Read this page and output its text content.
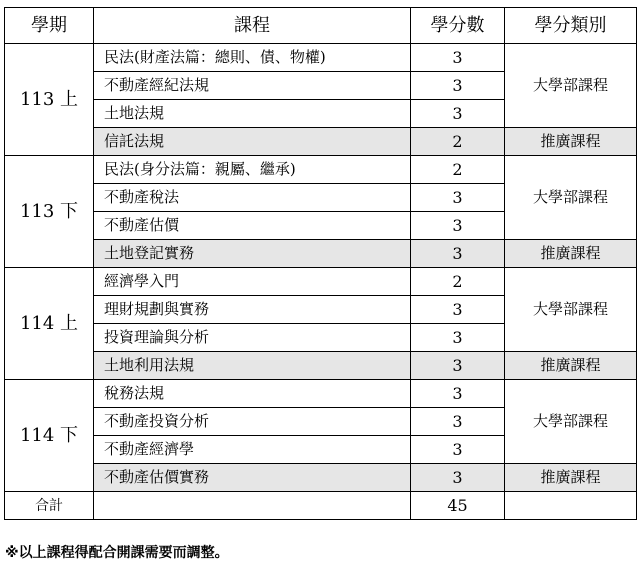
學期	課程	學分數	學分類別
113 上	民法(財產法篇：總則、債、物權)	3	大學部課程
	不動產經紀法規	3	
	土地法規	3	
	信託法規	2	推廣課程
113 下	民法(身分法篇：親屬、繼承)	2	大學部課程
	不動產稅法	3	
	不動產估價	3	
	土地登記實務	3	推廣課程
114 上	經濟學入門	2	大學部課程
	理財規劃與實務	3	
	投資理論與分析	3	
	土地利用法規	3	推廣課程
114 下	稅務法規	3	大學部課程
	不動產投資分析	3	
	不動產經濟學	3	
	不動產估價實務	3	推廣課程
合計		45	
※以上課程得配合開課需要而調整。
